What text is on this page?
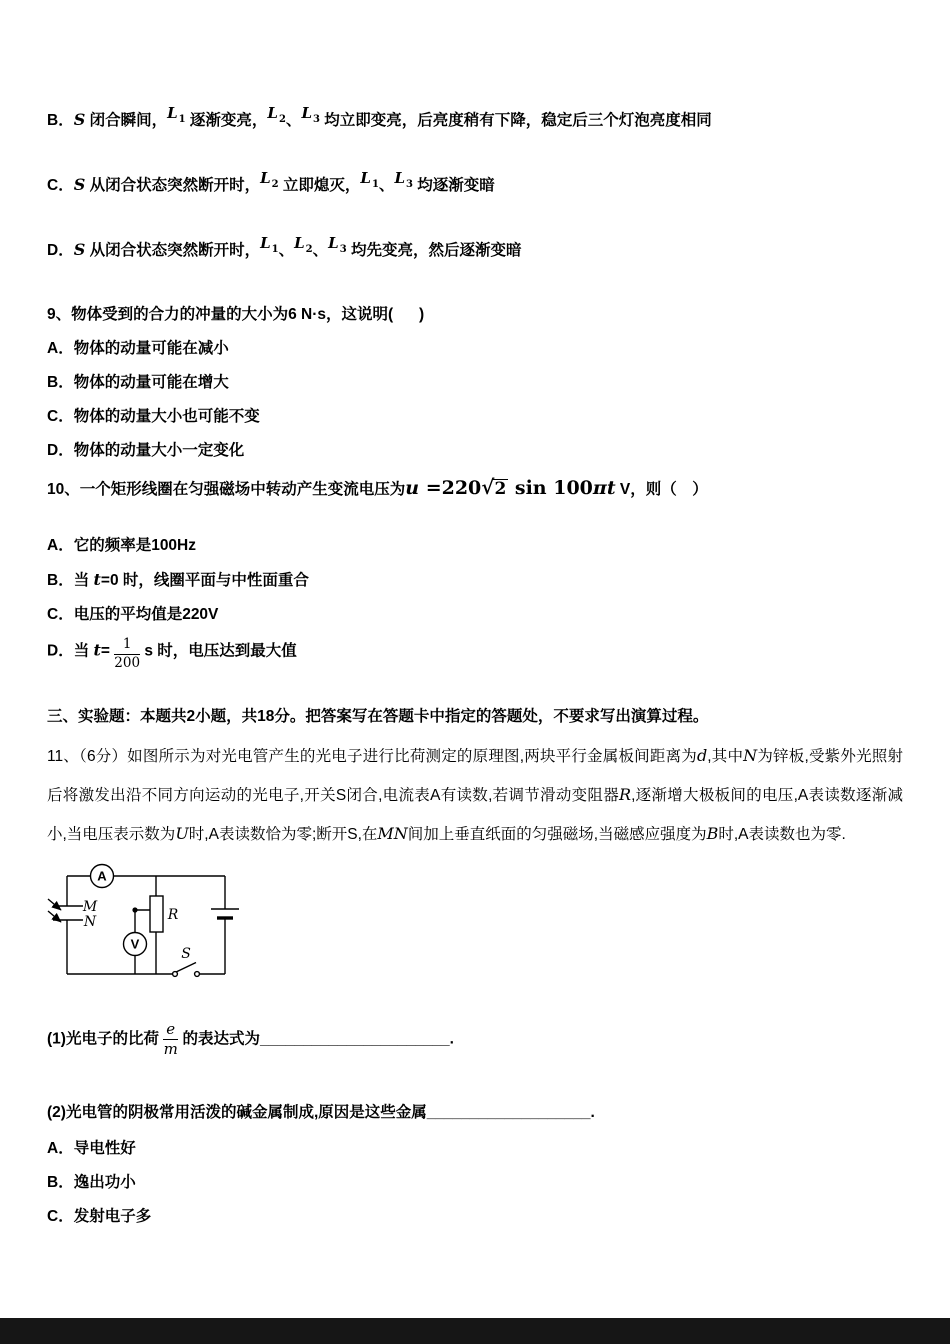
B．S 闭合瞬间，$L_1$ 逐渐变亮，$L_2$、$L_3$ 均立即变亮，后亮度稍有下降，稳定后三个灯泡亮度相同
C．S 从闭合状态突然断开时，$L_2$ 立即熄灭，$L_1$、$L_3$ 均逐渐变暗
D．S 从闭合状态突然断开时，$L_1$、$L_2$、$L_3$ 均先变亮，然后逐渐变暗
9、物体受到的合力的冲量的大小为6 N·s，这说明(      )
A．物体的动量可能在减小
B．物体的动量可能在增大
C．物体的动量大小也可能不变
D．物体的动量大小一定变化
10、一个矩形线圈在匀强磁场中转动产生变流电压为u =220√2 sin 100πt V，则（　）
A．它的频率是100Hz
B．当 t=0 时，线圈平面与中性面重合
C．电压的平均值是220V
D．当 $t= \frac{1}{200}$ s 时，电压达到最大值
三、实验题：本题共2小题，共18分。把答案写在答题卡中指定的答题处，不要求写出演算过程。
11、（6分）如图所示为对光电管产生的光电子进行比荷测定的原理图,两块平行金属板间距离为d,其中N为锌板,受紫外光照射后将激发出沿不同方向运动的光电子,开关S闭合,电流表A有读数,若调节滑动变阻器R,逐渐增大极板间的电压,A表读数逐渐减小,当电压表示数为U时,A表读数恰为零;断开S,在MN间加上垂直纸面的匀强磁场,当磁感应强度为B时,A表读数也为零.
A
V
M
N	R
S
(1)光电子的比荷 $\frac{e}{m}$ 的表达式为______________________.
(2)光电管的阴极常用活泼的碱金属制成,原因是这些金属___________________.
A．导电性好
B．逸出功小
C．发射电子多
